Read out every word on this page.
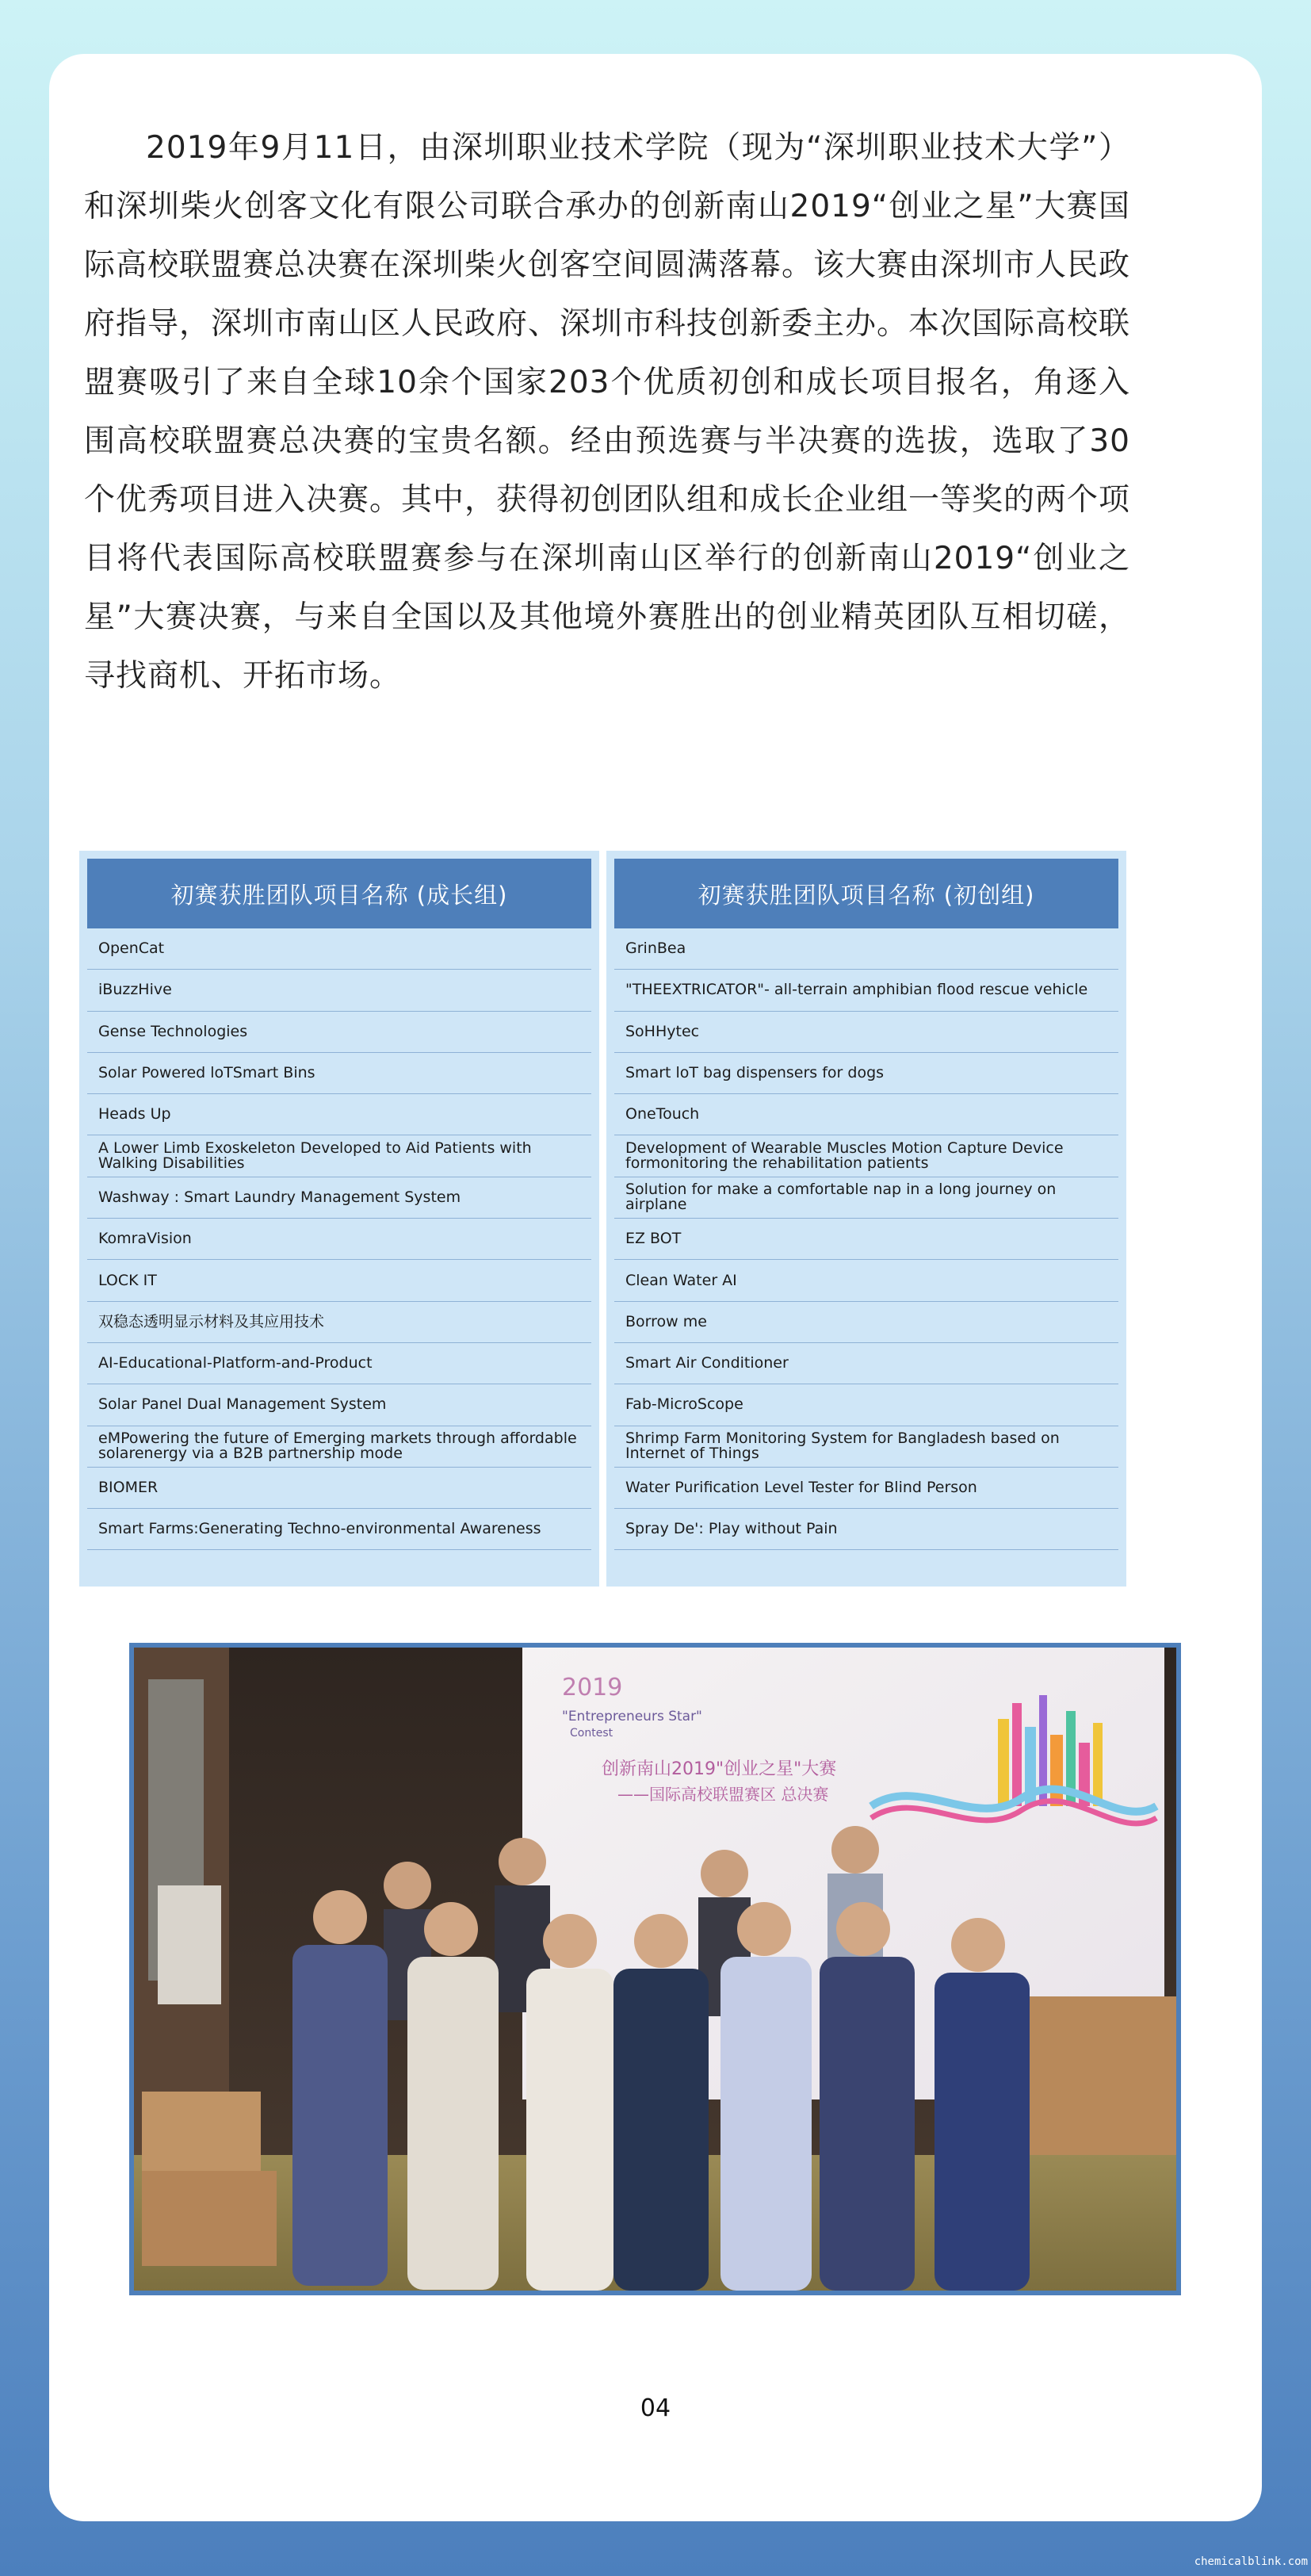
2019年9月11日，由深圳职业技术学院（现为“深圳职业技术大学”）和深圳柴火创客文化有限公司联合承办的创新南山2019“创业之星”大赛国际高校联盟赛总决赛在深圳柴火创客空间圆满落幕。该大赛由深圳市人民政府指导，深圳市南山区人民政府、深圳市科技创新委主办。本次国际高校联盟赛吸引了来自全球10余个国家203个优质初创和成长项目报名，角逐入围高校联盟赛总决赛的宝贵名额。经由预选赛与半决赛的选拔，选取了30个优秀项目进入决赛。其中，获得初创团队组和成长企业组一等奖的两个项目将代表国际高校联盟赛参与在深圳南山区举行的创新南山2019“创业之星”大赛决赛，与来自全国以及其他境外赛胜出的创业精英团队互相切磋，寻找商机、开拓市场。

初赛获胜团队项目名称 (成长组)
OpenCat
iBuzzHive
Gense Technologies
Solar Powered loTSmart Bins
Heads Up
A Lower Limb Exoskeleton Developed to Aid Patients with Walking Disabilities
Washway : Smart Laundry Management System
KomraVision
LOCK IT
双稳态透明显示材料及其应用技术
AI-Educational-Platform-and-Product
Solar Panel Dual Management System
eMPowering the future of Emerging markets through affordable solarenergy via a B2B partnership mode
BIOMER
Smart Farms:Generating Techno-environmental Awareness
初赛获胜团队项目名称 (初创组)
GrinBea
"THEEXTRICATOR"- all-terrain amphibian flood rescue vehicle
SoHHytec
Smart loT bag dispensers for dogs
OneTouch
Development of Wearable Muscles Motion Capture Device formonitoring the rehabilitation patients
Solution for make a comfortable nap in a long journey on airplane
EZ BOT
Clean Water AI
Borrow me
Smart Air Conditioner
Fab-MicroScope
Shrimp Farm Monitoring System for Bangladesh based on Internet of Things
Water Purification Level Tester for Blind Person
Spray De': Play without Pain
2019
"Entrepreneurs Star"
Contest
创新南山2019"创业之星"大赛
——国际高校联盟赛区 总决赛
04
chemicalblink.com
